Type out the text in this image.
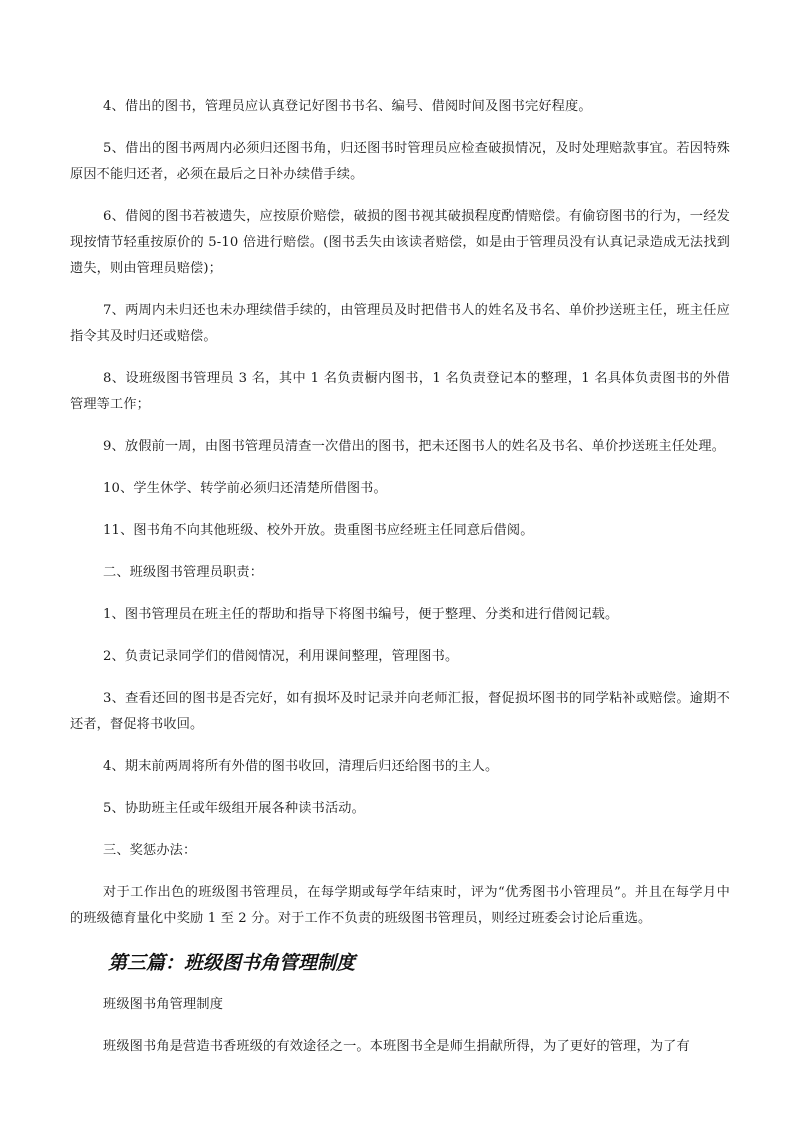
4、借出的图书，管理员应认真登记好图书书名、编号、借阅时间及图书完好程度。

5、借出的图书两周内必须归还图书角，归还图书时管理员应检查破损情况，及时处理赔款事宜。若因特殊原因不能归还者，必须在最后之日补办续借手续。

6、借阅的图书若被遗失，应按原价赔偿，破损的图书视其破损程度酌情赔偿。有偷窃图书的行为，一经发现按情节轻重按原价的 5-10 倍进行赔偿。(图书丢失由该读者赔偿，如是由于管理员没有认真记录造成无法找到遗失，则由管理员赔偿)；

7、两周内未归还也未办理续借手续的，由管理员及时把借书人的姓名及书名、单价抄送班主任，班主任应指令其及时归还或赔偿。

8、设班级图书管理员 3 名，其中 1 名负责橱内图书，1 名负责登记本的整理，1 名具体负责图书的外借管理等工作；

9、放假前一周，由图书管理员清查一次借出的图书，把未还图书人的姓名及书名、单价抄送班主任处理。

10、学生休学、转学前必须归还清楚所借图书。

11、图书角不向其他班级、校外开放。贵重图书应经班主任同意后借阅。

二、班级图书管理员职责：

1、图书管理员在班主任的帮助和指导下将图书编号，便于整理、分类和进行借阅记载。

2、负责记录同学们的借阅情况，利用课间整理，管理图书。

3、查看还回的图书是否完好，如有损坏及时记录并向老师汇报，督促损坏图书的同学粘补或赔偿。逾期不还者，督促将书收回。

4、期末前两周将所有外借的图书收回，清理后归还给图书的主人。

5、协助班主任或年级组开展各种读书活动。

三、奖惩办法：

对于工作出色的班级图书管理员，在每学期或每学年结束时，评为“优秀图书小管理员”。并且在每学月中的班级德育量化中奖励 1 至 2 分。对于工作不负责的班级图书管理员，则经过班委会讨论后重选。

第三篇：班级图书角管理制度

班级图书角管理制度

班级图书角是营造书香班级的有效途径之一。本班图书全是师生捐献所得，为了更好的管理，为了有
